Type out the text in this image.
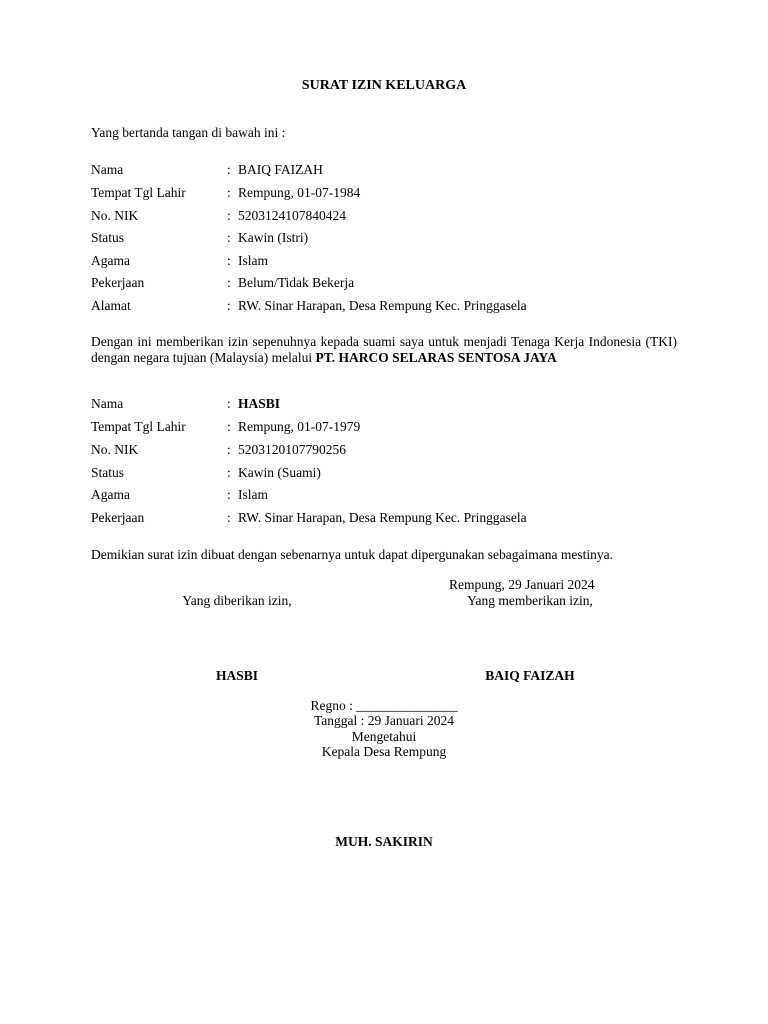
SURAT IZIN KELUARGA
Yang bertanda tangan di bawah ini :
Nama	: BAIQ FAIZAH
Tempat Tgl Lahir	: Rempung, 01-07-1984
No. NIK	: 5203124107840424
Status	: Kawin (Istri)
Agama	: Islam
Pekerjaan	: Belum/Tidak Bekerja
Alamat	: RW. Sinar Harapan, Desa Rempung Kec. Pringgasela
Dengan ini memberikan izin sepenuhnya kepada suami saya untuk menjadi Tenaga Kerja Indonesia (TKI) dengan negara tujuan (Malaysia) melalui PT. HARCO SELARAS SENTOSA JAYA
Nama	: HASBI
Tempat Tgl Lahir	: Rempung, 01-07-1979
No. NIK	: 5203120107790256
Status	: Kawin (Suami)
Agama	: Islam
Pekerjaan	: RW. Sinar Harapan, Desa Rempung Kec. Pringgasela
Demikian surat izin dibuat dengan sebenarnya untuk dapat dipergunakan sebagaimana mestinya.
Rempung, 29 Januari 2024
Yang diberikan izin,	Yang memberikan izin,
HASBI	BAIQ FAIZAH
Regno : _______________
Tanggal : 29 Januari 2024
Mengetahui
Kepala Desa Rempung
MUH. SAKIRIN
